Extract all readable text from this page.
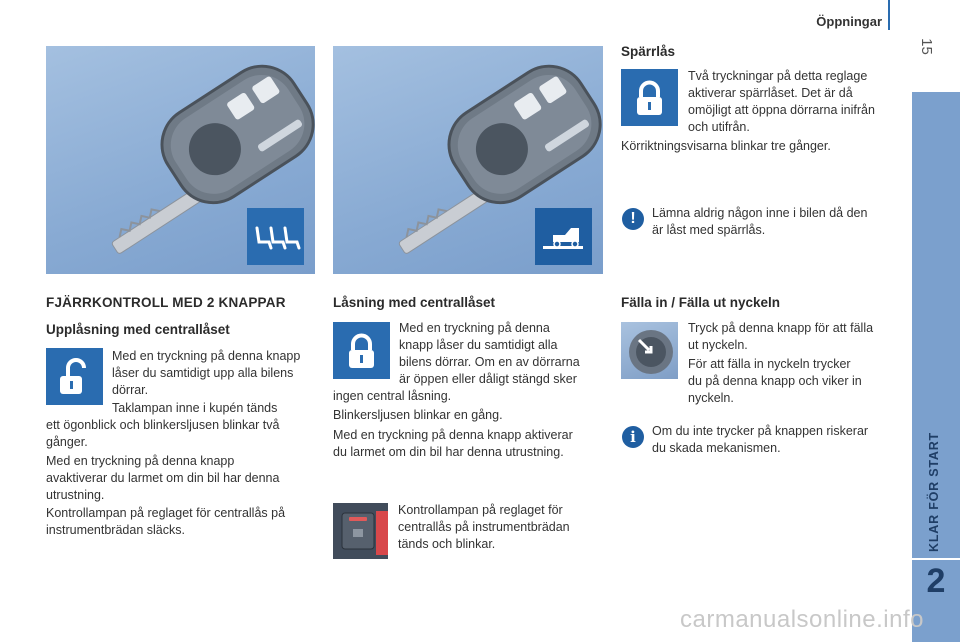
Öppningar
15
KLAR FÖR START
2
FJÄRRKONTROLL MED 2 KNAPPAR
Upplåsning med centrallåset

Med en tryckning på denna knapp

låser du samtidigt upp alla bilens

dörrar.

Taklampan inne i kupén tänds

ett ögonblick och blinkersljusen blinkar två

gånger.

Med en tryckning på denna knapp

avaktiverar du larmet om din bil har denna

utrustning.

Kontrollampan på reglaget för centrallås på

instrumentbrädan släcks.

Låsning med centrallåset

Med en tryckning på denna

knapp låser du samtidigt alla

bilens dörrar. Om en av dörrarna

är öppen eller dåligt stängd sker

ingen central låsning.

Blinkersljusen blinkar en gång.

Med en tryckning på denna knapp aktiverar

du larmet om din bil har denna utrustning.

Kontrollampan på reglaget för

centrallås på instrumentbrädan

tänds och blinkar.

Spärrlås

Två tryckningar på detta reglage

aktiverar spärrlåset. Det är då

omöjligt att öppna dörrarna inifrån

och utifrån.

Körriktningsvisarna blinkar tre gånger.
!	Lämna aldrig någon inne i bilen då den

är låst med spärrlås.

Fälla in / Fälla ut nyckeln

Tryck på denna knapp för att fälla

ut nyckeln.

För att fälla in nyckeln trycker

du på denna knapp och viker in

nyckeln.

i	Om du inte trycker på knappen riskerar

du skada mekanismen.

carmanualsonline.info
